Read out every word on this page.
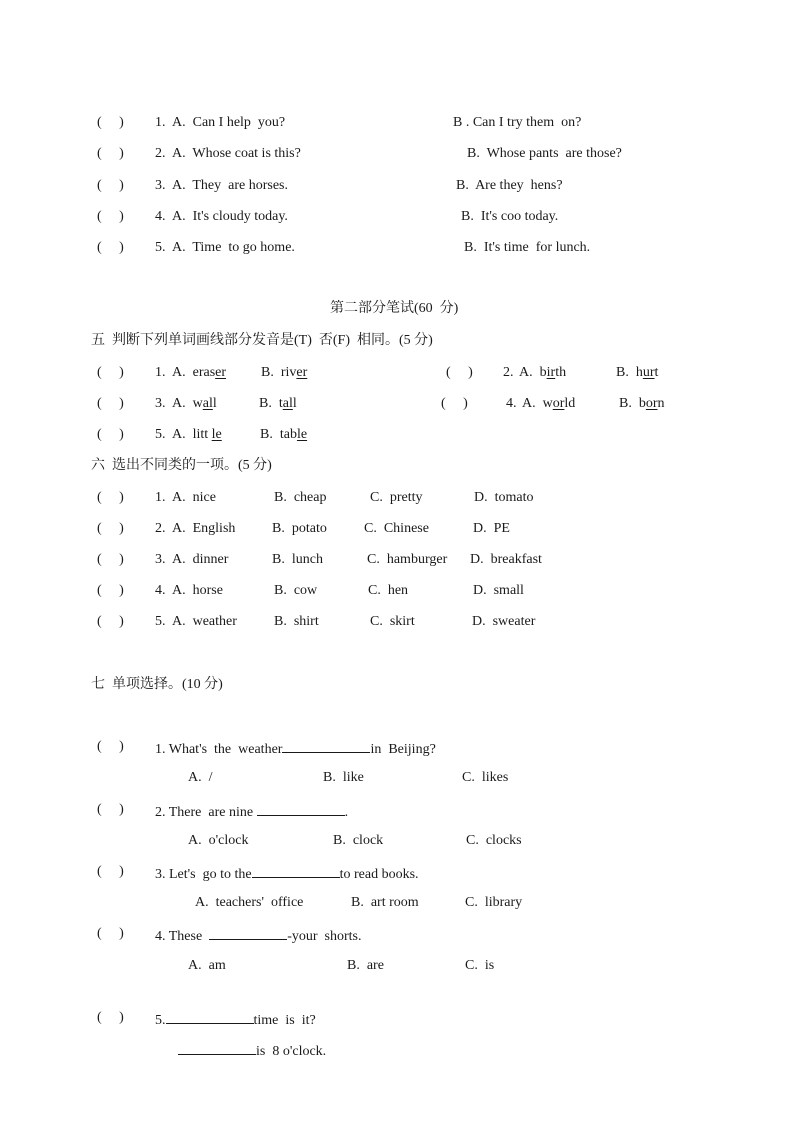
(     ) 1. A.  Can I help  you?	B . Can I try them  on?
(     ) 2. A.  Whose coat is this?	B.  Whose pants  are those?
(     ) 3. A.  They  are horses.	B.  Are they  hens?
(     ) 4. A.  It's cloudy today.	B.  It's coo today.
(     ) 5. A.  Time  to go home.	B.  It's time  for lunch.
第二部分笔试(60  分)
五  判断下列单词画线部分发音是(T)  否(F)  相同。(5 分)
(     ) 1. A.  eraser B.  river	(     ) 2. A.  birth	B.  hurt
(     ) 3. A.  wall	B.  tall	(     )	4. A.  world	B.  born
(     ) 5. A.  litt le	B.  table
六  选出不同类的一项。(5 分)
(     ) 1. A.  nice	B.  cheap	C.  pretty	D.  tomato
(     ) 2. A.  English	B.  potato	C.  Chinese	D.  PE
(     ) 3. A.  dinner	B.  lunch	C.  hamburger D.  breakfast
(     ) 4. A.  horse	B.  cow	C.  hen	D.  small
(     ) 5. A.  weather	B.  shirt	C.  skirt	D.  sweater
七  单项选择。(10 分)
(     ) 1. What's  the  weather	in  Beijing?
A.  /	B.  like	C.  likes
(     ) 2. There  are nine	.
A.  o'clock	B.  clock	C.  clocks
(     ) 3. Let's  go to the	to read books.
A.  teachers'  office	B.  art room	C.  library
(     ) 4. These	-your  shorts.
A.  am	B.  are	C.  is
(     ) 5.	time  is  it?
is  8 o'clock.
